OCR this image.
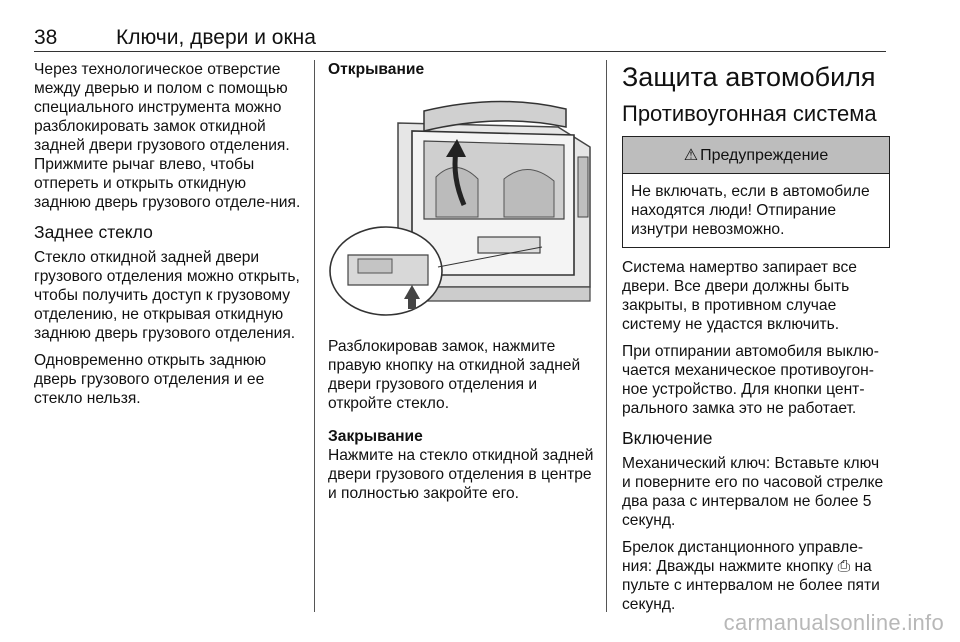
38	Ключи, двери и окна

Через технологическое отверстие между дверью и полом с помощью специального инструмента можно разблокировать замок откидной задней двери грузового отделения. Прижмите рычаг влево, чтобы отпереть и открыть откидную заднюю дверь грузового отделе-ния.

Заднее стекло

Стекло откидной задней двери грузового отделения можно открыть, чтобы получить доступ к грузовому отделению, не открывая откидную заднюю дверь грузового отделения.

Одновременно открыть заднюю дверь грузового отделения и ее стекло нельзя.

Открывание

Разблокировав замок, нажмите правую кнопку на откидной задней двери грузового отделения и откройте стекло.

Закрывание

Нажмите на стекло откидной задней двери грузового отделения в центре и полностью закройте его.

Защита автомобиля
Противоугонная система
⚠ Предупреждение
Не включать, если в автомобиле находятся люди! Отпирание изнутри невозможно.

Система намертво запирает все двери. Все двери должны быть закрыты, в противном случае систему не удастся включить.

При отпирании автомобиля выклю-чается механическое противоугон-ное устройство. Для кнопки цент-рального замка это не работает.

Включение

Механический ключ: Вставьте ключ и поверните его по часовой стрелке два раза с интервалом не более 5 секунд.

Брелок дистанционного управле-ния: Дважды нажмите кнопку ⎙ на пульте с интервалом не более пяти секунд.

carmanualsonline.info
